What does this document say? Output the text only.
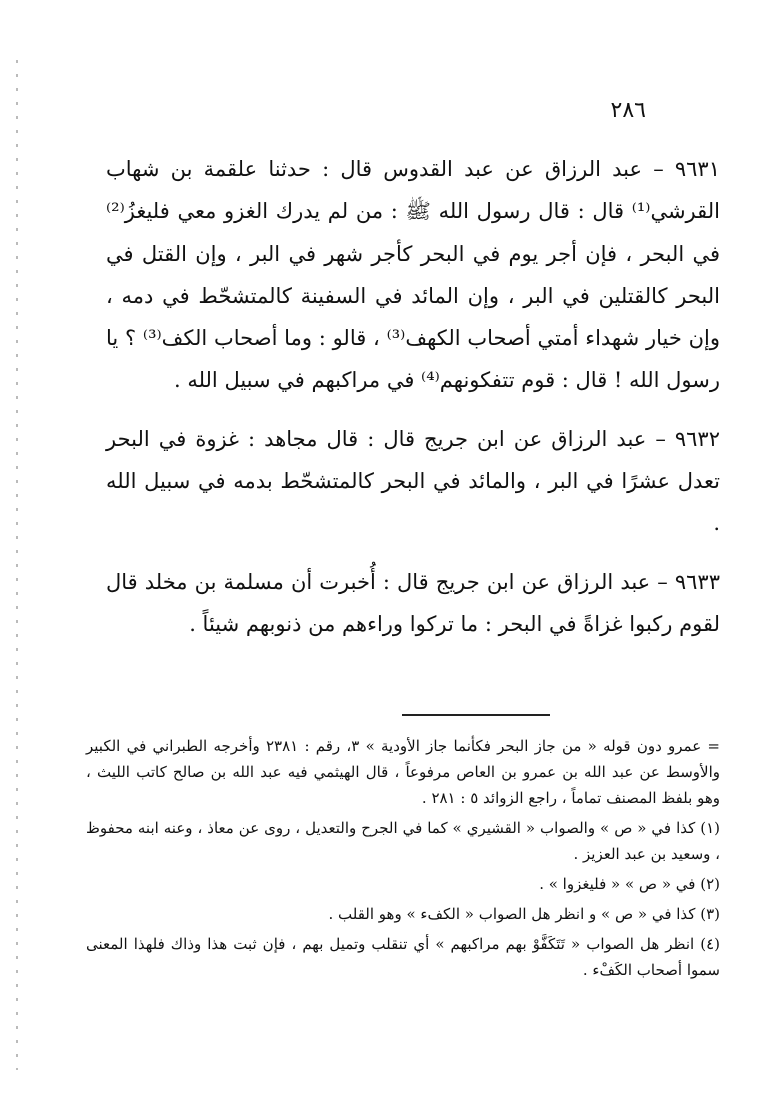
٢٨٦

٩٦٣١ – عبد الرزاق عن عبد القدوس قال : حدثنا علقمة بن شهاب القرشي⁽¹⁾ قال : قال رسول الله ﷺ : من لم يدرك الغزو معي فليغزُ⁽²⁾ في البحر ، فإن أجر يوم في البحر كأجر شهر في البر ، وإن القتل في البحر كالقتلين في البر ، وإن المائد في السفينة كالمتشحّط في دمه ، وإن خيار شهداء أمتي أصحاب الكهف⁽³⁾ ، قالو : وما أصحاب الكف⁽³⁾ ؟ يا رسول الله ! قال : قوم تتفكونهم⁽⁴⁾ في مراكبهم في سبيل الله .

٩٦٣٢ – عبد الرزاق عن ابن جريج قال : قال مجاهد : غزوة في البحر تعدل عشرًا في البر ، والمائد في البحر كالمتشحّط بدمه في سبيل الله .

٩٦٣٣ – عبد الرزاق عن ابن جريج قال : أُخبرت أن مسلمة بن مخلد قال لقوم ركبوا غزاةً في البحر : ما تركوا وراءهم من ذنوبهم شيئاً .

= عمرو دون قوله « من جاز البحر فكأنما جاز الأودية » ٣، رقم : ٢٣٨١ وأخرجه الطبراني في الكبير والأوسط عن عبد الله بن عمرو بن العاص مرفوعاً ، قال الهيثمي فيه عبد الله بن صالح كاتب الليث ، وهو بلفظ المصنف تماماً ، راجع الزوائد ٥ : ٢٨١ .

(١) كذا في « ص » والصواب « القشيري » كما في الجرح والتعديل ، روى عن معاذ ، وعنه ابنه محفوظ ، وسعيد بن عبد العزيز .

(٢) في « ص » « فليغزوا » .

(٣) كذا في « ص » و انظر هل الصواب « الكفء » وهو القلب .

(٤) انظر هل الصواب « تَتَكَفَّوْ بهم مراكبهم » أي تنقلب وتميل بهم ، فإن ثبت هذا وذاك فلهذا المعنى سموا أصحاب الكَفْء .
